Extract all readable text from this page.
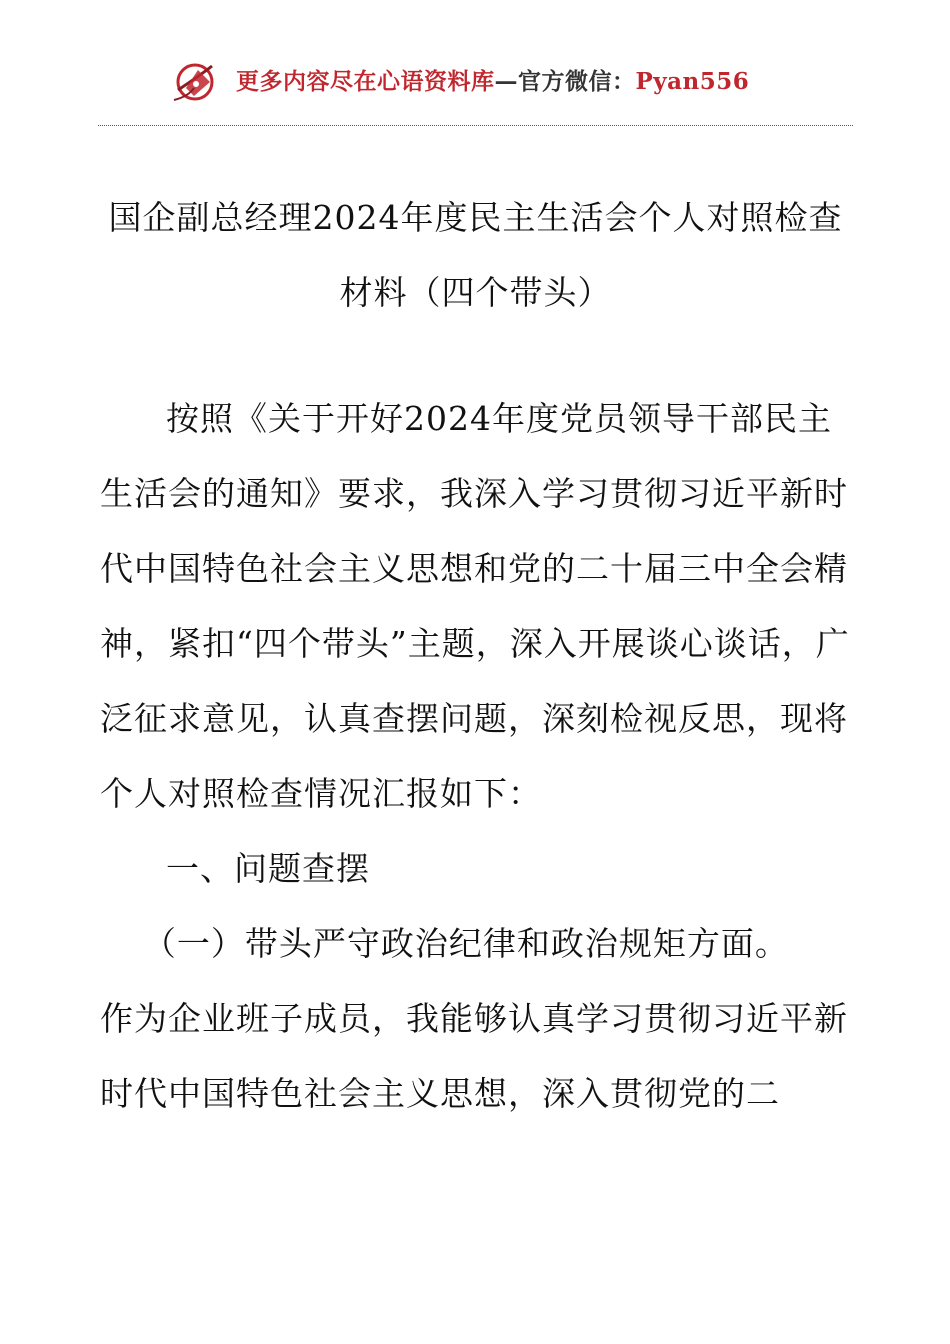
更多内容尽在心语资料库—官方微信：Pyan556
国企副总经理2024年度民主生活会个人对照检查
材料（四个带头）

按照《关于开好2024年度党员领导干部民主生活会的通知》要求，我深入学习贯彻习近平新时代中国特色社会主义思想和党的二十届三中全会精神，紧扣“四个带头”主题，深入开展谈心谈话，广泛征求意见，认真查摆问题，深刻检视反思，现将个人对照检查情况汇报如下：

一、问题查摆

（一）带头严守政治纪律和政治规矩方面。

作为企业班子成员，我能够认真学习贯彻习近平新时代中国特色社会主义思想，深入贯彻党的二
